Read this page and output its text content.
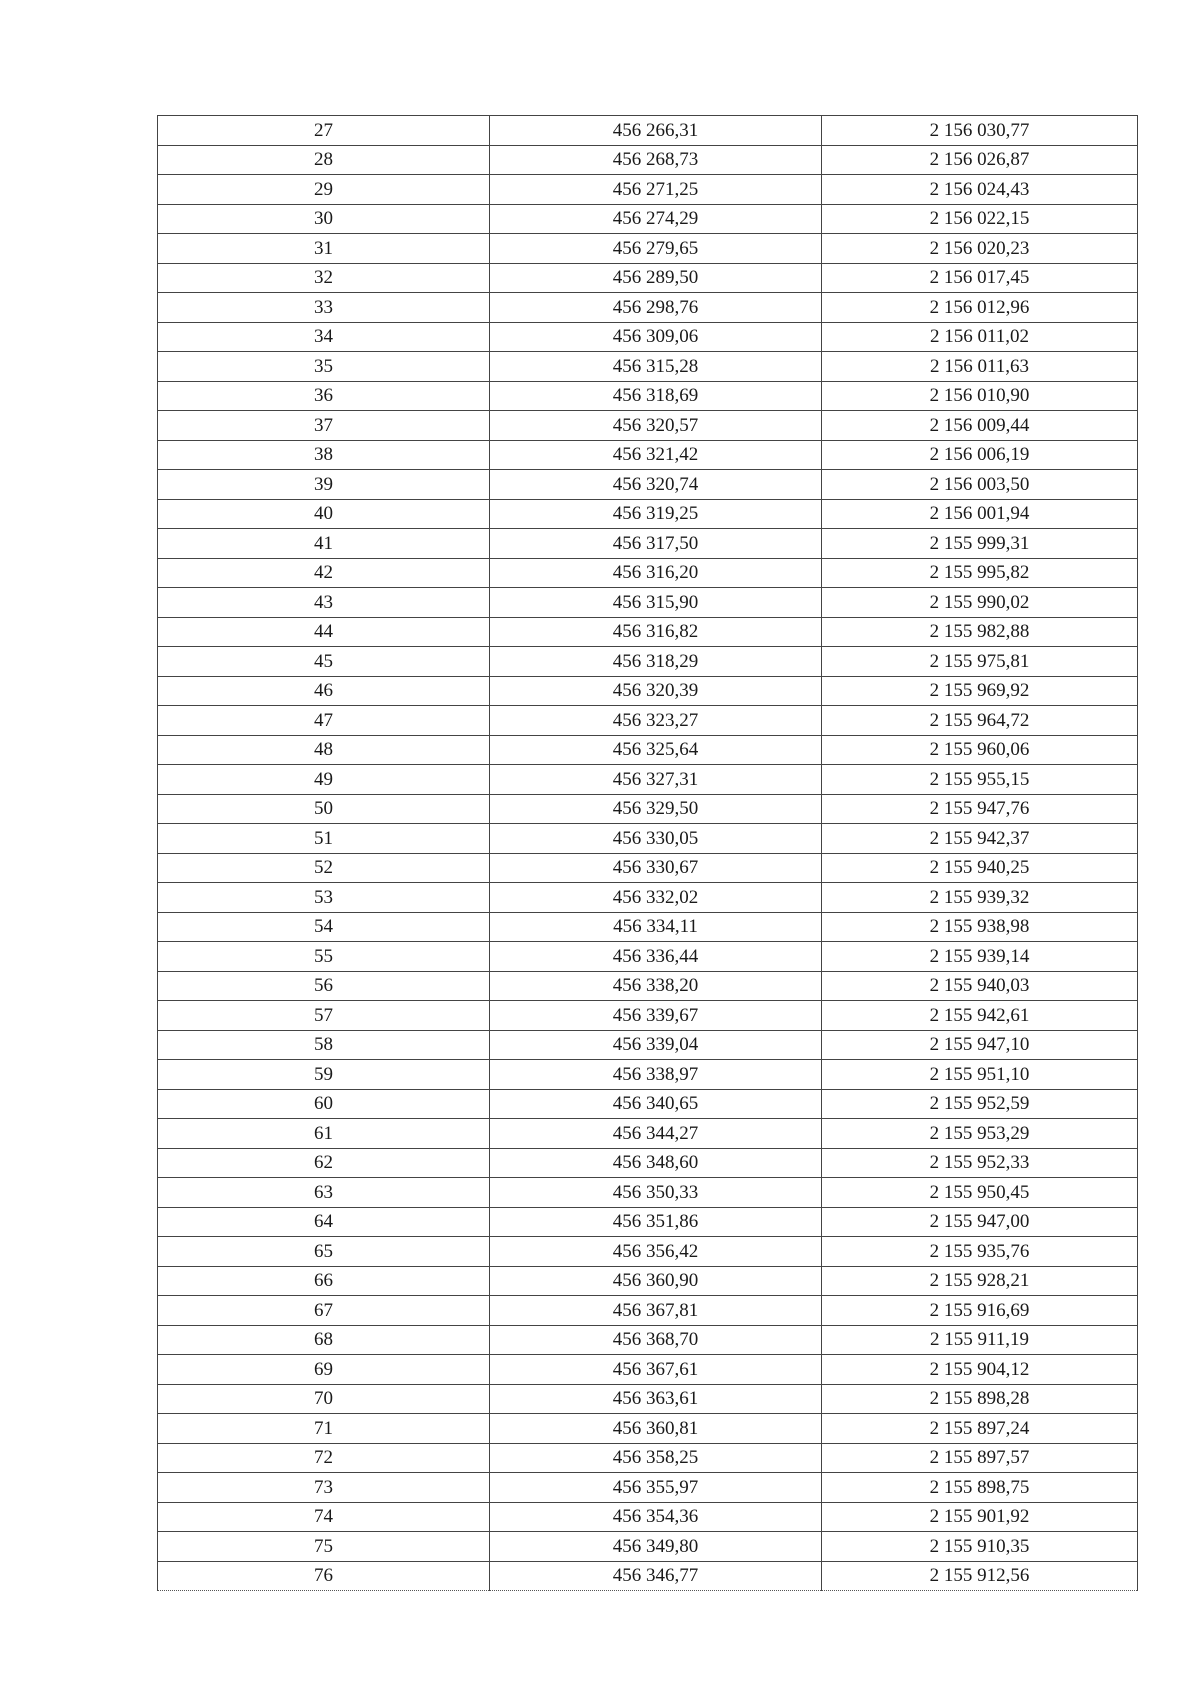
27	456 266,31	2 156 030,77
28	456 268,73	2 156 026,87
29	456 271,25	2 156 024,43
30	456 274,29	2 156 022,15
31	456 279,65	2 156 020,23
32	456 289,50	2 156 017,45
33	456 298,76	2 156 012,96
34	456 309,06	2 156 011,02
35	456 315,28	2 156 011,63
36	456 318,69	2 156 010,90
37	456 320,57	2 156 009,44
38	456 321,42	2 156 006,19
39	456 320,74	2 156 003,50
40	456 319,25	2 156 001,94
41	456 317,50	2 155 999,31
42	456 316,20	2 155 995,82
43	456 315,90	2 155 990,02
44	456 316,82	2 155 982,88
45	456 318,29	2 155 975,81
46	456 320,39	2 155 969,92
47	456 323,27	2 155 964,72
48	456 325,64	2 155 960,06
49	456 327,31	2 155 955,15
50	456 329,50	2 155 947,76
51	456 330,05	2 155 942,37
52	456 330,67	2 155 940,25
53	456 332,02	2 155 939,32
54	456 334,11	2 155 938,98
55	456 336,44	2 155 939,14
56	456 338,20	2 155 940,03
57	456 339,67	2 155 942,61
58	456 339,04	2 155 947,10
59	456 338,97	2 155 951,10
60	456 340,65	2 155 952,59
61	456 344,27	2 155 953,29
62	456 348,60	2 155 952,33
63	456 350,33	2 155 950,45
64	456 351,86	2 155 947,00
65	456 356,42	2 155 935,76
66	456 360,90	2 155 928,21
67	456 367,81	2 155 916,69
68	456 368,70	2 155 911,19
69	456 367,61	2 155 904,12
70	456 363,61	2 155 898,28
71	456 360,81	2 155 897,24
72	456 358,25	2 155 897,57
73	456 355,97	2 155 898,75
74	456 354,36	2 155 901,92
75	456 349,80	2 155 910,35
76	456 346,77	2 155 912,56
